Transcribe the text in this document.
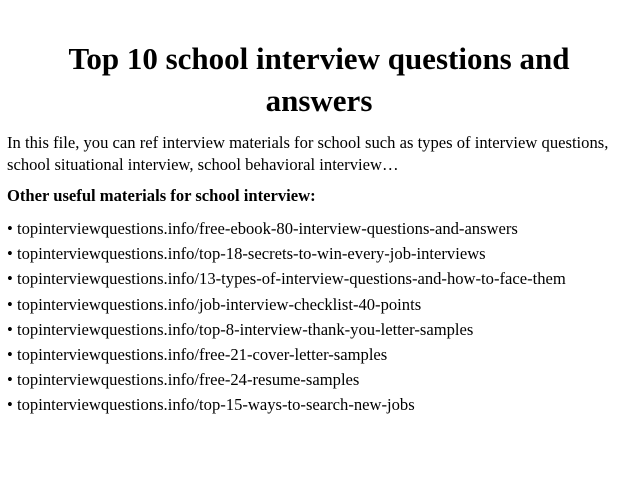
Top 10 school interview questions and answers

In this file, you can ref interview materials for school such as types of interview questions, school situational interview, school behavioral interview…

Other useful materials for school interview:

• topinterviewquestions.info/free-ebook-80-interview-questions-and-answers
• topinterviewquestions.info/top-18-secrets-to-win-every-job-interviews
• topinterviewquestions.info/13-types-of-interview-questions-and-how-to-face-them
• topinterviewquestions.info/job-interview-checklist-40-points
• topinterviewquestions.info/top-8-interview-thank-you-letter-samples
• topinterviewquestions.info/free-21-cover-letter-samples
• topinterviewquestions.info/free-24-resume-samples
• topinterviewquestions.info/top-15-ways-to-search-new-jobs
